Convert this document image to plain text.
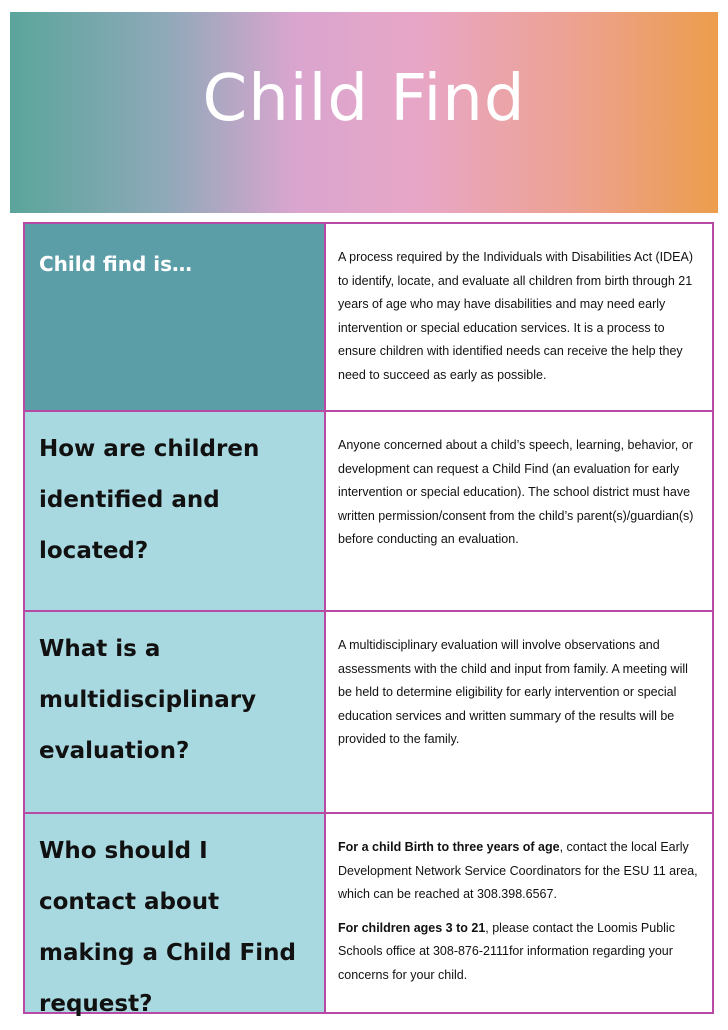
Child Find
Child find is…	A process required by the Individuals with Disabilities Act (IDEA) to identify, locate, and evaluate all children from birth through 21 years of age who may have disabilities and may need early intervention or special education services. It is a process to ensure children with identified needs can receive the help they need to succeed as early as possible.

How are children identified and located?

Anyone concerned about a child’s speech, learning, behavior, or development can request a Child Find (an evaluation for early intervention or special education). The school district must have written permission/consent from the child’s parent(s)/guardian(s) before conducting an evaluation.

What is a multidisciplinary evaluation?

A multidisciplinary evaluation will involve observations and assessments with the child and input from family. A meeting will be held to determine eligibility for early intervention or special education services and written summary of the results will be provided to the family.

Who should I contact about making a Child Find request?

For a child Birth to three years of age, contact the local Early Development Network Service Coordinators for the ESU 11 area, which can be reached at 308.398.6567.

For children ages 3 to 21, please contact the Loomis Public Schools office at 308-876-2111for information regarding your concerns for your child.
